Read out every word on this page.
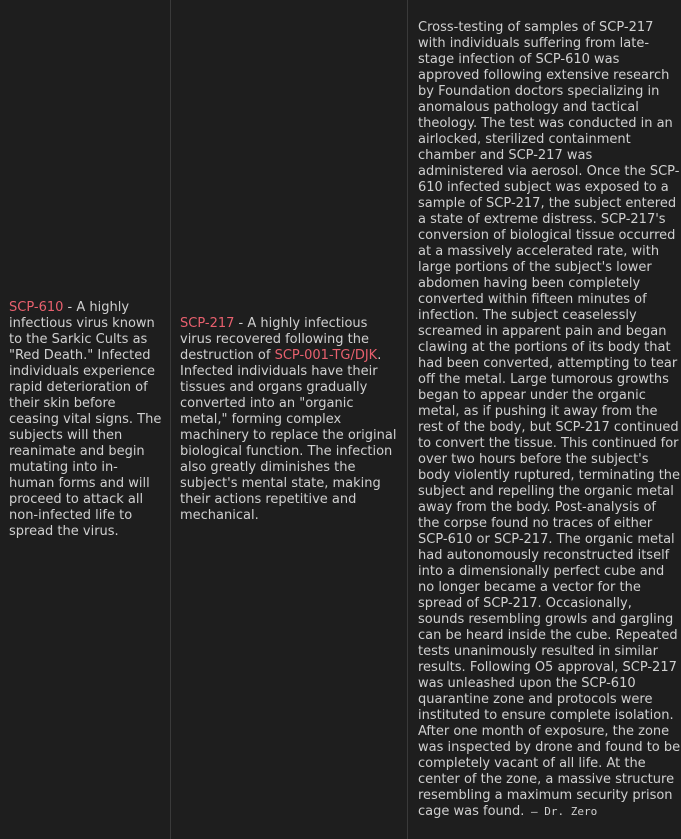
SCP-610 - A highly infectious virus known to the Sarkic Cults as "Red Death." Infected individuals experience rapid deterioration of their skin before ceasing vital signs. The subjects will then reanimate and begin mutating into in-human forms and will proceed to attack all non-infected life to spread the virus.

SCP-217 - A highly infectious virus recovered following the destruction of SCP-001-TG/DJK. Infected individuals have their tissues and organs gradually converted into an "organic metal," forming complex machinery to replace the original biological function. The infection also greatly diminishes the subject's mental state, making their actions repetitive and mechanical.

Cross-testing of samples of SCP-217 with individuals suffering from late-stage infection of SCP-610 was approved following extensive research by Foundation doctors specializing in anomalous pathology and tactical theology. The test was conducted in an airlocked, sterilized containment chamber and SCP-217 was administered via aerosol. Once the SCP-610 infected subject was exposed to a sample of SCP-217, the subject entered a state of extreme distress. SCP-217's conversion of biological tissue occurred at a massively accelerated rate, with large portions of the subject's lower abdomen having been completely converted within fifteen minutes of infection. The subject ceaselessly screamed in apparent pain and began clawing at the portions of its body that had been converted, attempting to tear off the metal. Large tumorous growths began to appear under the organic metal, as if pushing it away from the rest of the body, but SCP-217 continued to convert the tissue. This continued for over two hours before the subject's body violently ruptured, terminating the subject and repelling the organic metal away from the body. Post-analysis of the corpse found no traces of either SCP-610 or SCP-217. The organic metal had autonomously reconstructed itself into a dimensionally perfect cube and no longer became a vector for the spread of SCP-217. Occasionally, sounds resembling growls and gargling can be heard inside the cube. Repeated tests unanimously resulted in similar results. Following O5 approval, SCP-217 was unleashed upon the SCP-610 quarantine zone and protocols were instituted to ensure complete isolation. After one month of exposure, the zone was inspected by drone and found to be completely vacant of all life. At the center of the zone, a massive structure resembling a maximum security prison cage was found. — Dr. Zero
